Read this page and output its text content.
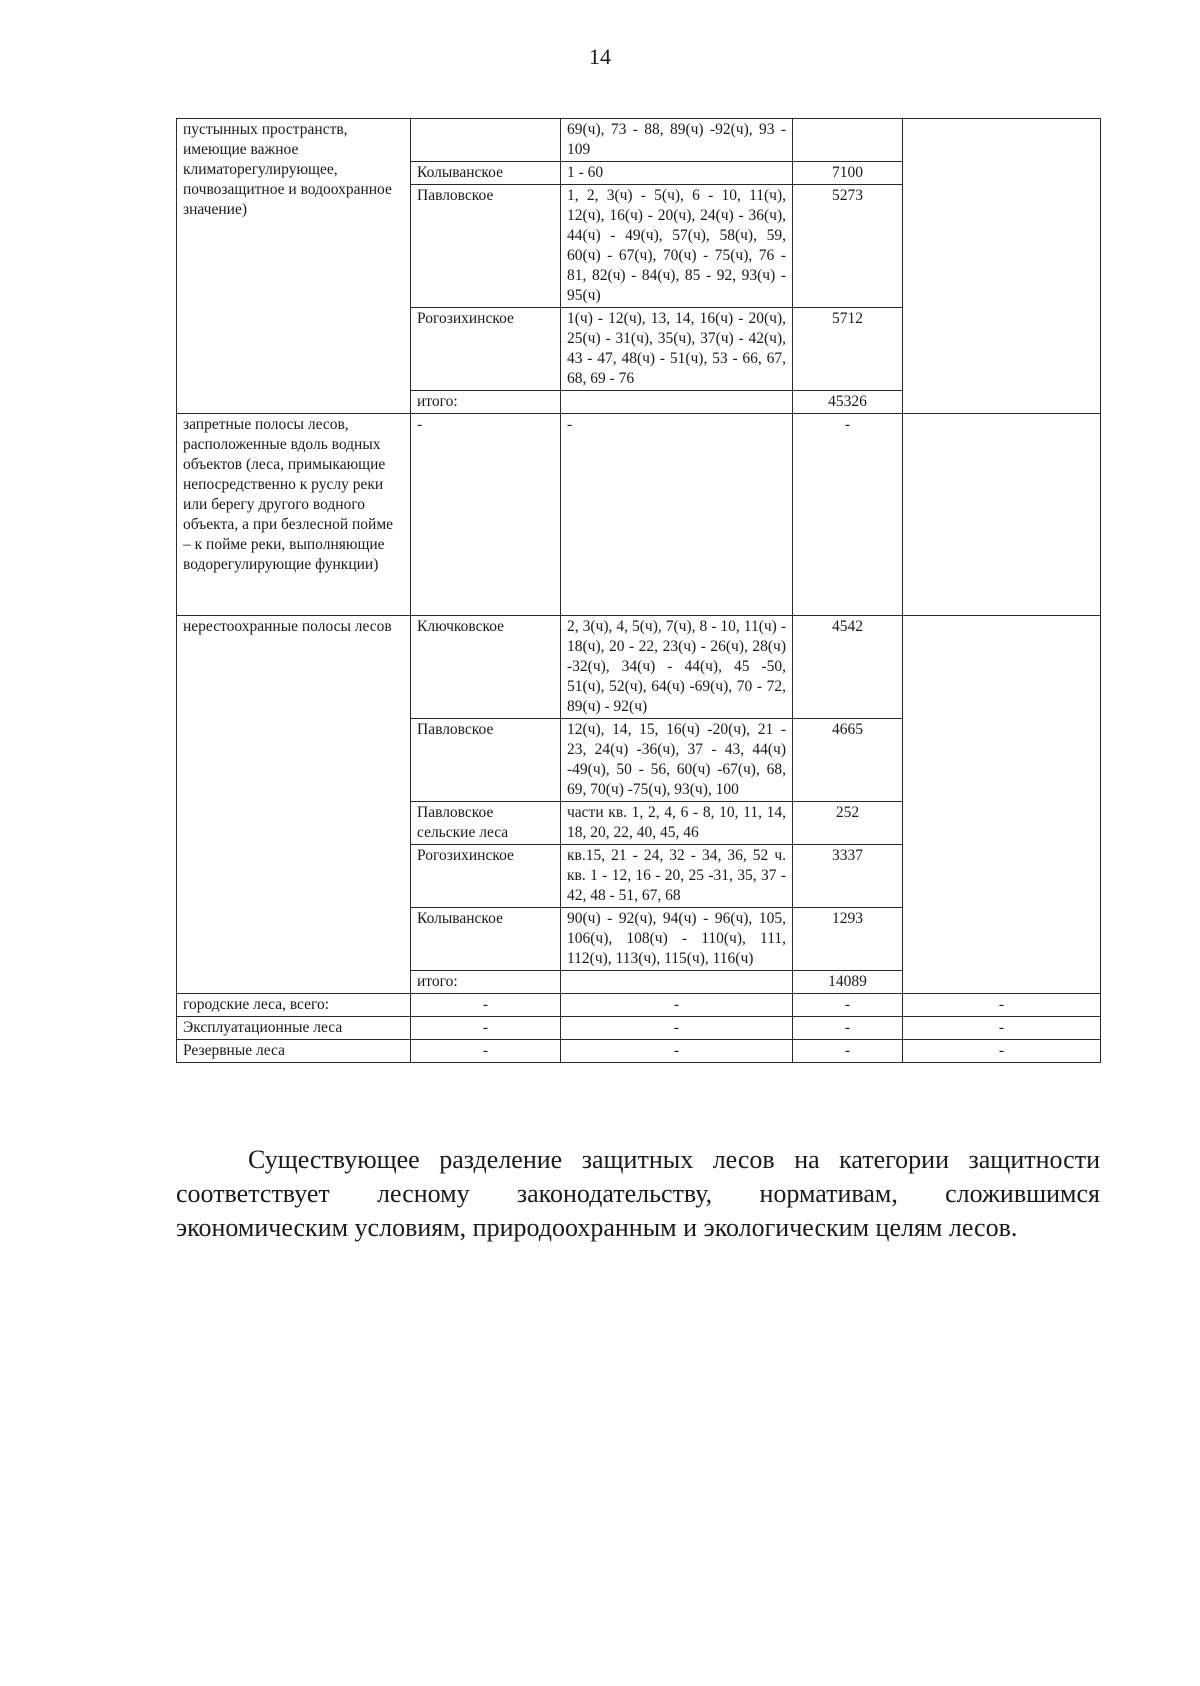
14
пустынных пространств, имеющие важное климаторегулирующее, почвозащитное и водоохранное значение)		69(ч), 73 - 88, 89(ч) -92(ч), 93 - 109		
	Колыванское	1 - 60	7100	
	Павловское	1, 2, 3(ч) - 5(ч), 6 - 10, 11(ч), 12(ч), 16(ч) - 20(ч), 24(ч) - 36(ч), 44(ч) - 49(ч), 57(ч), 58(ч), 59, 60(ч) - 67(ч), 70(ч) - 75(ч), 76 - 81, 82(ч) - 84(ч), 85 - 92, 93(ч) - 95(ч)	5273	
	Рогозихинское	1(ч) - 12(ч), 13, 14, 16(ч) - 20(ч), 25(ч) - 31(ч), 35(ч), 37(ч) - 42(ч), 43 - 47, 48(ч) - 51(ч), 53 - 66, 67, 68, 69 - 76	5712	
	итого:		45326	
запретные полосы лесов, расположенные вдоль водных объектов (леса, примыкающие непосредственно к руслу реки или берегу другого водного объекта, а при безлесной пойме – к пойме реки, выполняющие водорегулирующие функции)	-	-	-	
нерестоохранные полосы лесов	Ключковское	2, 3(ч), 4, 5(ч), 7(ч), 8 - 10, 11(ч) - 18(ч), 20 - 22, 23(ч) - 26(ч), 28(ч) -32(ч), 34(ч) - 44(ч), 45 -50, 51(ч), 52(ч), 64(ч) -69(ч), 70 - 72, 89(ч) - 92(ч)	4542	
	Павловское	12(ч), 14, 15, 16(ч) -20(ч), 21 - 23, 24(ч) -36(ч), 37 - 43, 44(ч) -49(ч), 50 - 56, 60(ч) -67(ч), 68, 69, 70(ч) -75(ч), 93(ч), 100	4665	
	Павловское сельские леса	части кв. 1, 2, 4, 6 - 8, 10, 11, 14, 18, 20, 22, 40, 45, 46	252	
	Рогозихинское	кв.15, 21 - 24, 32 - 34, 36, 52 ч. кв. 1 - 12, 16 - 20, 25 -31, 35, 37 - 42, 48 - 51, 67, 68	3337	
	Колыванское	90(ч) - 92(ч), 94(ч) - 96(ч), 105, 106(ч), 108(ч) - 110(ч), 111, 112(ч), 113(ч), 115(ч), 116(ч)	1293	
	итого:		14089	
городские леса, всего:	-	-	-	-
Эксплуатационные леса	-	-	-	-
Резервные леса	-	-	-	-

Существующее разделение защитных лесов на категории защитности соответствует лесному законодательству, нормативам, сложившимся экономическим условиям, природоохранным и экологическим целям лесов.
